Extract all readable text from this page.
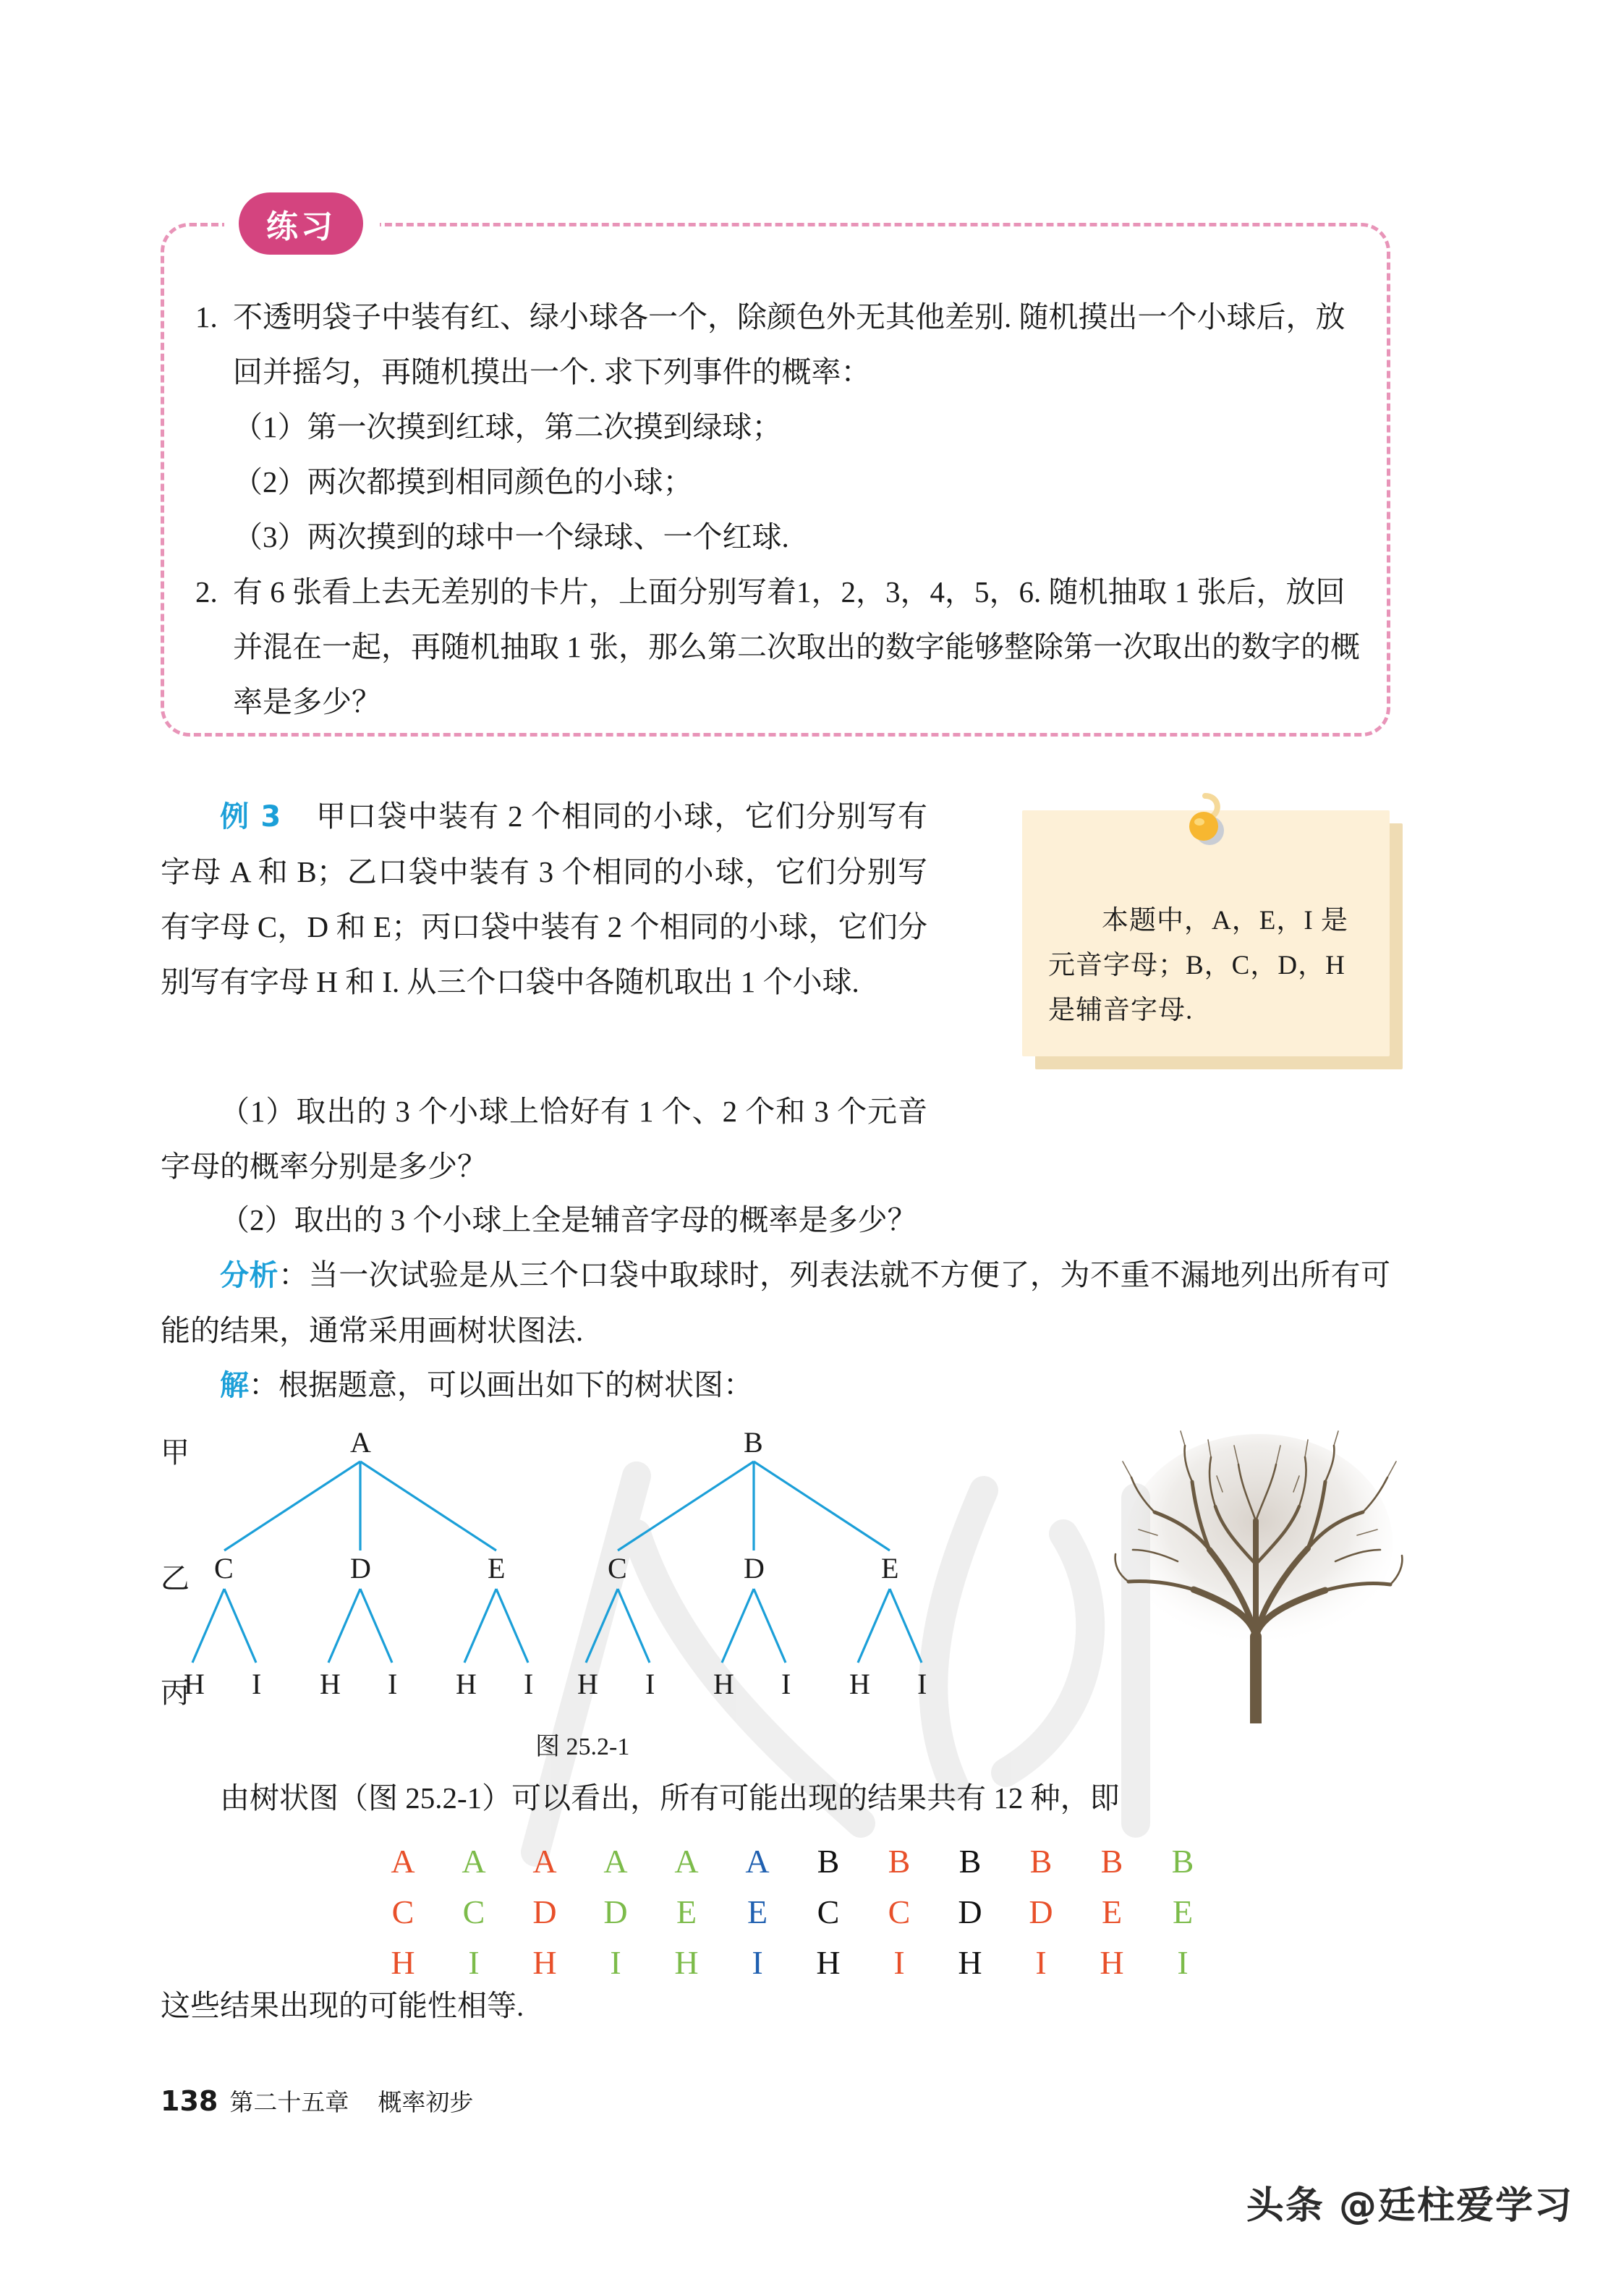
练习
1. 不透明袋子中装有红、绿小球各一个，除颜色外无其他差别. 随机摸出一个小球后，放回并摇匀，再随机摸出一个. 求下列事件的概率：
（1）第一次摸到红球，第二次摸到绿球；
（2）两次都摸到相同颜色的小球；
（3）两次摸到的球中一个绿球、一个红球.
2. 有 6 张看上去无差别的卡片，上面分别写着1，2，3，4，5，6. 随机抽取 1 张后，放回并混在一起，再随机抽取 1 张，那么第二次取出的数字能够整除第一次取出的数字的概率是多少？

例 3 甲口袋中装有 2 个相同的小球，它们分别写有字母 A 和 B；乙口袋中装有 3 个相同的小球，它们分别写有字母 C，D 和 E；丙口袋中装有 2 个相同的小球，它们分别写有字母 H 和 I. 从三个口袋中各随机取出 1 个小球.

本题中，A，E，I 是元音字母；B，C，D，H 是辅音字母.

（1）取出的 3 个小球上恰好有 1 个、2 个和 3 个元音字母的概率分别是多少？

（2）取出的 3 个小球上全是辅音字母的概率是多少？

分析：当一次试验是从三个口袋中取球时，列表法就不方便了，为不重不漏地列出所有可能的结果，通常采用画树状图法.

解：根据题意，可以画出如下的树状图：

甲
乙
丙
A	B
C	D	E	C	D	E
H I H I H I H I H I H I
图 25.2-1
由树状图（图 25.2-1）可以看出，所有可能出现的结果共有 12 种，即
A	A	A	A	A	A	B	B	B	B	B	B
C	C	D	D	E	E	C	C	D	D	E	E
H	I	H	I	H	I	H	I	H	I	H	I
这些结果出现的可能性相等.
138 第二十五章 概率初步
头条 @廷柱爱学习
